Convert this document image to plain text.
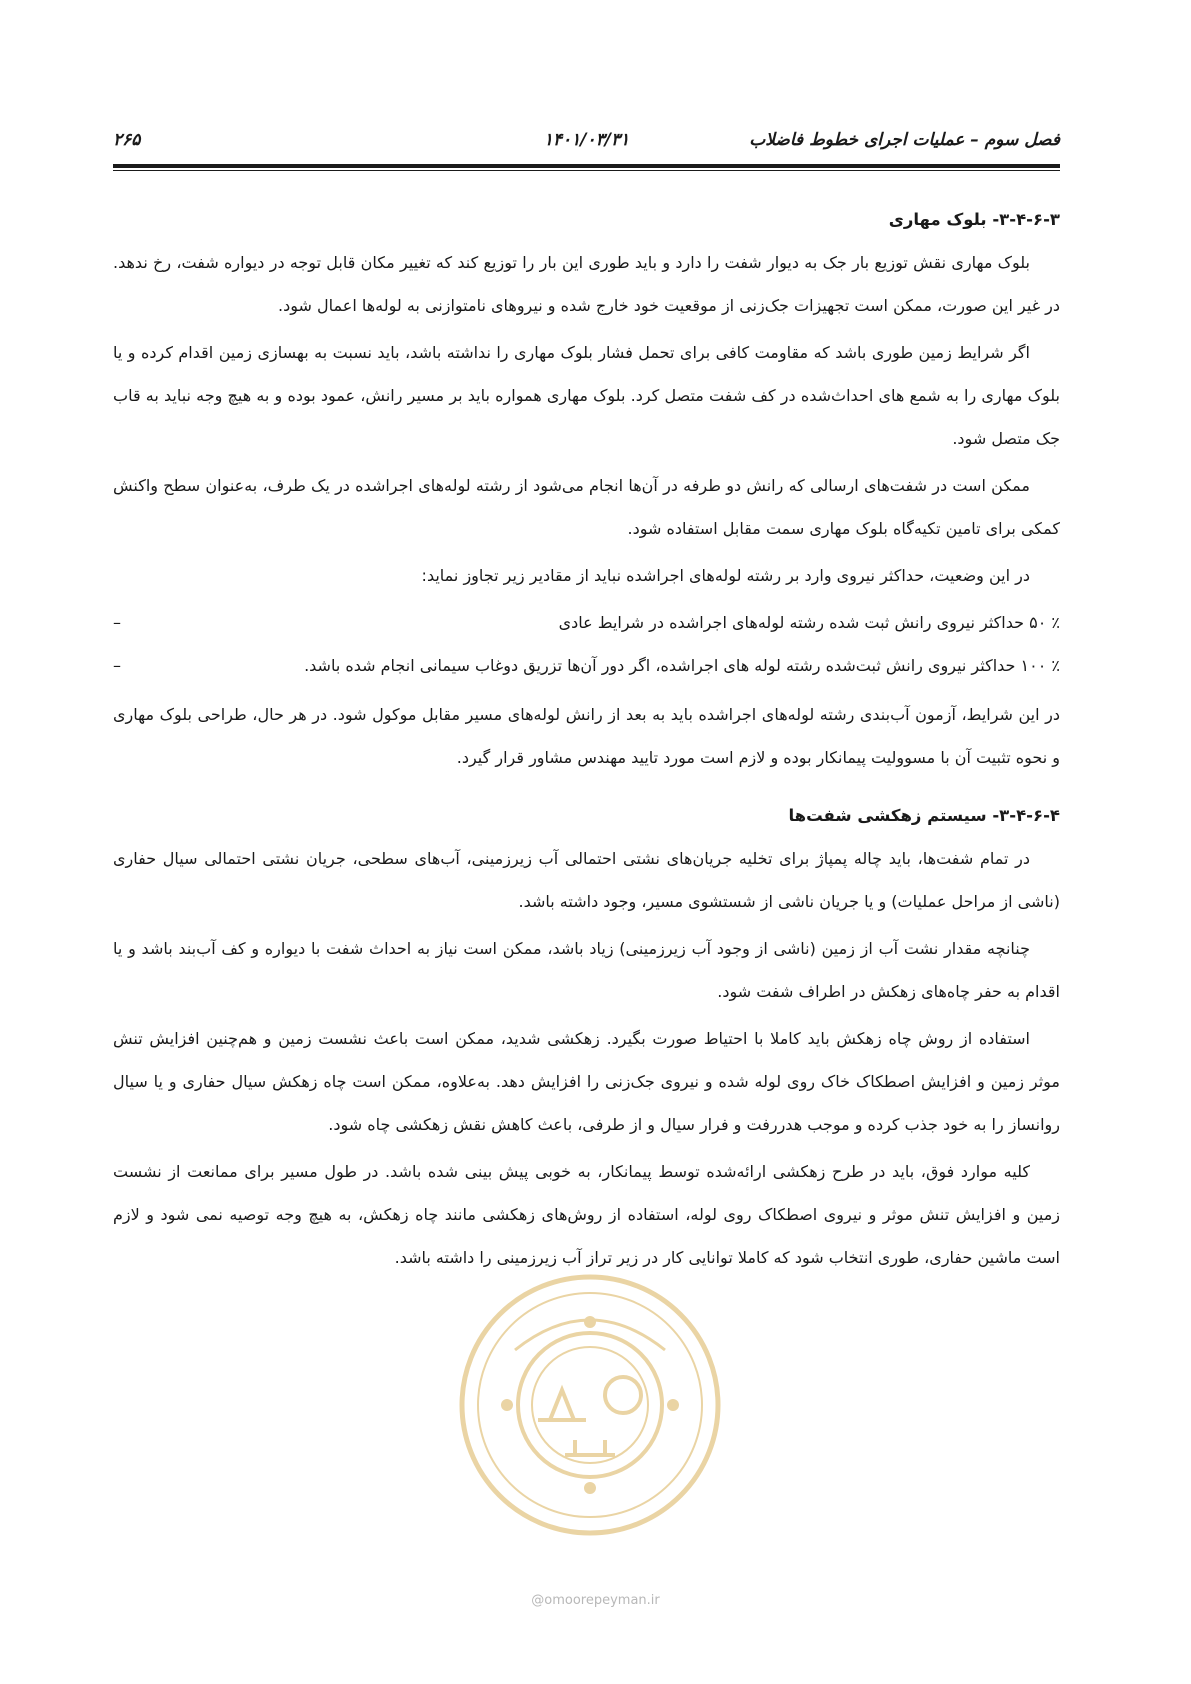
فصل سوم – عملیات اجرای خطوط فاضلاب
۱۴۰۱/۰۳/۳۱
۲۶۵
۳-۴-۶-۳- بلوک مهاری

بلوک مهاری نقش توزیع بار جک به دیوار شفت را دارد و باید طوری این بار را توزیع کند که تغییر مکان قابل توجه در دیواره شفت، رخ ندهد. در غیر این صورت، ممکن است تجهیزات جک‌زنی از موقعیت خود خارج شده و نیروهای نامتوازنی به لوله‌ها اعمال شود.

اگر شرایط زمین طوری باشد که مقاومت کافی برای تحمل فشار بلوک مهاری را نداشته باشد، باید نسبت به بهسازی زمین اقدام کرده و یا بلوک مهاری را به شمع های احداث‌شده در کف شفت متصل کرد. بلوک مهاری همواره باید بر مسیر رانش، عمود بوده و به هیچ وجه نباید به قاب جک متصل شود.

ممکن است در شفت‌های ارسالی که رانش دو طرفه در آن‌ها انجام می‌شود از رشته لوله‌های اجراشده در یک طرف، به‌عنوان سطح واکنش کمکی برای تامین تکیه‌گاه بلوک مهاری سمت مقابل استفاده شود.

در این وضعیت، حداکثر نیروی وارد بر رشته لوله‌های اجراشده نباید از مقادیر زیر تجاوز نماید:

–	٪ ۵۰ حداکثر نیروی رانش ثبت شده رشته لوله‌های اجراشده در شرایط عادی
–	٪ ۱۰۰ حداکثر نیروی رانش ثبت‌شده رشته لوله های اجراشده، اگر دور آن‌ها تزریق دوغاب سیمانی انجام شده باشد.

در این شرایط، آزمون آب‌بندی رشته لوله‌های اجراشده باید به بعد از رانش لوله‌های مسیر مقابل موکول شود. در هر حال، طراحی بلوک مهاری و نحوه تثبیت آن با مسوولیت پیمانکار بوده و لازم است مورد تایید مهندس مشاور قرار گیرد.

۳-۴-۶-۴- سیستم زهکشی شفت‌ها

در تمام شفت‌ها، باید چاله پمپاژ برای تخلیه جریان‌های نشتی احتمالی آب زیرزمینی، آب‌های سطحی، جریان نشتی احتمالی سیال حفاری (ناشی از مراحل عملیات) و یا جریان ناشی از شستشوی مسیر، وجود داشته باشد.

چنانچه مقدار نشت آب از زمین (ناشی از وجود آب زیرزمینی) زیاد باشد، ممکن است نیاز به احداث شفت با دیواره و کف آب‌بند باشد و یا اقدام به حفر چاه‌های زهکش در اطراف شفت شود.

استفاده از روش چاه زهکش باید کاملا با احتیاط صورت بگیرد. زهکشی شدید، ممکن است باعث نشست زمین و هم‌چنین افزایش تنش موثر زمین و افزایش اصطکاک خاک روی لوله شده و نیروی جک‌زنی را افزایش دهد. به‌علاوه، ممکن است چاه زهکش سیال حفاری و یا سیال روانساز را به خود جذب کرده و موجب هدررفت و فرار سیال و از طرفی، باعث کاهش نقش زهکشی چاه شود.

کلیه موارد فوق، باید در طرح زهکشی ارائه‌شده توسط پیمانکار، به خوبی پیش بینی شده باشد. در طول مسیر برای ممانعت از نشست زمین و افزایش تنش موثر و نیروی اصطکاک روی لوله، استفاده از روش‌های زهکشی مانند چاه زهکش، به هیچ وجه توصیه نمی شود و لازم است ماشین حفاری، طوری انتخاب شود که کاملا توانایی کار در زیر تراز آب زیرزمینی را داشته باشد.

@omoorepeyman.ir
